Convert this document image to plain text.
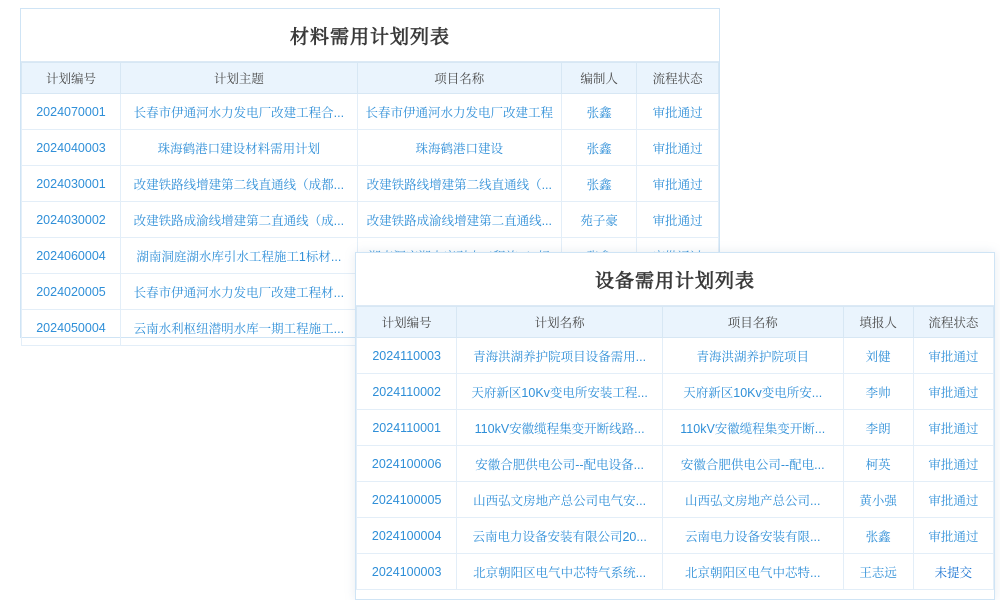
材料需用计划列表
计划编号	计划主题	项目名称	编制人	流程状态
2024070001	长春市伊通河水力发电厂改建工程合...	长春市伊通河水力发电厂改建工程	张鑫	审批通过
2024040003	珠海鹤港口建设材料需用计划	珠海鹤港口建设	张鑫	审批通过
2024030001	改建铁路线增建第二线直通线（成都...	改建铁路线增建第二线直通线（...	张鑫	审批通过
2024030002	改建铁路成渝线增建第二直通线（成...	改建铁路成渝线增建第二直通线...	苑子豪	审批通过
2024060004	湖南洞庭湖水库引水工程施工1标材...			
2024020005	长春市伊通河水力发电厂改建工程材...			
2024050004	云南水利枢纽潜明水库一期工程施工...			
设备需用计划列表
计划编号	计划名称	项目名称	填报人	流程状态
2024110003	青海洪湖养护院项目设备需用...	青海洪湖养护院项目	刘健	审批通过
2024110002	天府新区10Kv变电所安装工程...	天府新区10Kv变电所安...	李帅	审批通过
2024110001	110kV安徽缆程集变开断线路...	110kV安徽缆程集变开断...	李朗	审批通过
2024100006	安徽合肥供电公司--配电设备...	安徽合肥供电公司--配电...	柯英	审批通过
2024100005	山西弘文房地产总公司电气安...	山西弘文房地产总公司...	黄小强	审批通过
2024100004	云南电力设备安装有限公司20...	云南电力设备安装有限...	张鑫	审批通过
2024100003	北京朝阳区电气中芯特气系统...	北京朝阳区电气中芯特...	王志远	未提交
